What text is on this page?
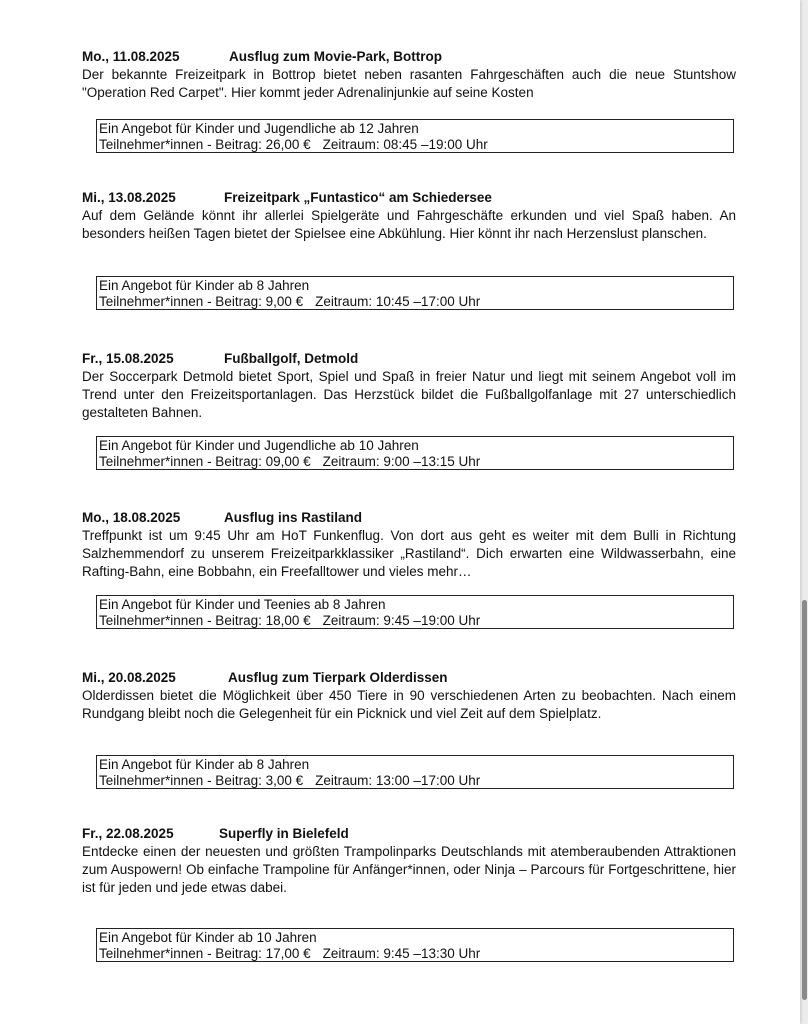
Mo., 11.08.2025	Ausflug zum Movie-Park, Bottrop

Der bekannte Freizeitpark in Bottrop bietet neben rasanten Fahrgeschäften auch die neue Stuntshow "Operation Red Carpet". Hier kommt jeder Adrenalinjunkie auf seine Kosten

Ein Angebot für Kinder und Jugendliche ab 12 Jahren
Teilnehmer*innen - Beitrag: 26,00 € Zeitraum: 08:45 –19:00 Uhr
Mi., 13.08.2025	Freizeitpark „Funtastico“ am Schiedersee

Auf dem Gelände könnt ihr allerlei Spielgeräte und Fahrgeschäfte erkunden und viel Spaß haben. An besonders heißen Tagen bietet der Spielsee eine Abkühlung. Hier könnt ihr nach Herzenslust planschen.

Ein Angebot für Kinder ab 8 Jahren
Teilnehmer*innen - Beitrag: 9,00 € Zeitraum: 10:45 –17:00 Uhr
Fr., 15.08.2025	Fußballgolf, Detmold

Der Soccerpark Detmold bietet Sport, Spiel und Spaß in freier Natur und liegt mit seinem Angebot voll im Trend unter den Freizeitsportanlagen. Das Herzstück bildet die Fußballgolfanlage mit 27 unterschiedlich gestalteten Bahnen.

Ein Angebot für Kinder und Jugendliche ab 10 Jahren
Teilnehmer*innen - Beitrag: 09,00 € Zeitraum: 9:00 –13:15 Uhr
Mo., 18.08.2025	Ausflug ins Rastiland

Treffpunkt ist um 9:45 Uhr am HoT Funkenflug. Von dort aus geht es weiter mit dem Bulli in Richtung Salzhemmendorf zu unserem Freizeitparkklassiker „Rastiland“. Dich erwarten eine Wildwasserbahn, eine Rafting-Bahn, eine Bobbahn, ein Freefalltower und vieles mehr…

Ein Angebot für Kinder und Teenies ab 8 Jahren
Teilnehmer*innen - Beitrag: 18,00 € Zeitraum: 9:45 –19:00 Uhr
Mi., 20.08.2025	Ausflug zum Tierpark Olderdissen

Olderdissen bietet die Möglichkeit über 450 Tiere in 90 verschiedenen Arten zu beobachten. Nach einem Rundgang bleibt noch die Gelegenheit für ein Picknick und viel Zeit auf dem Spielplatz.

Ein Angebot für Kinder ab 8 Jahren
Teilnehmer*innen - Beitrag: 3,00 € Zeitraum: 13:00 –17:00 Uhr
Fr., 22.08.2025	Superfly in Bielefeld

Entdecke einen der neuesten und größten Trampolinparks Deutschlands mit atemberaubenden Attraktionen zum Auspowern! Ob einfache Trampoline für Anfänger*innen, oder Ninja – Parcours für Fortgeschrittene, hier ist für jeden und jede etwas dabei.

Ein Angebot für Kinder ab 10 Jahren
Teilnehmer*innen - Beitrag: 17,00 € Zeitraum: 9:45 –13:30 Uhr
